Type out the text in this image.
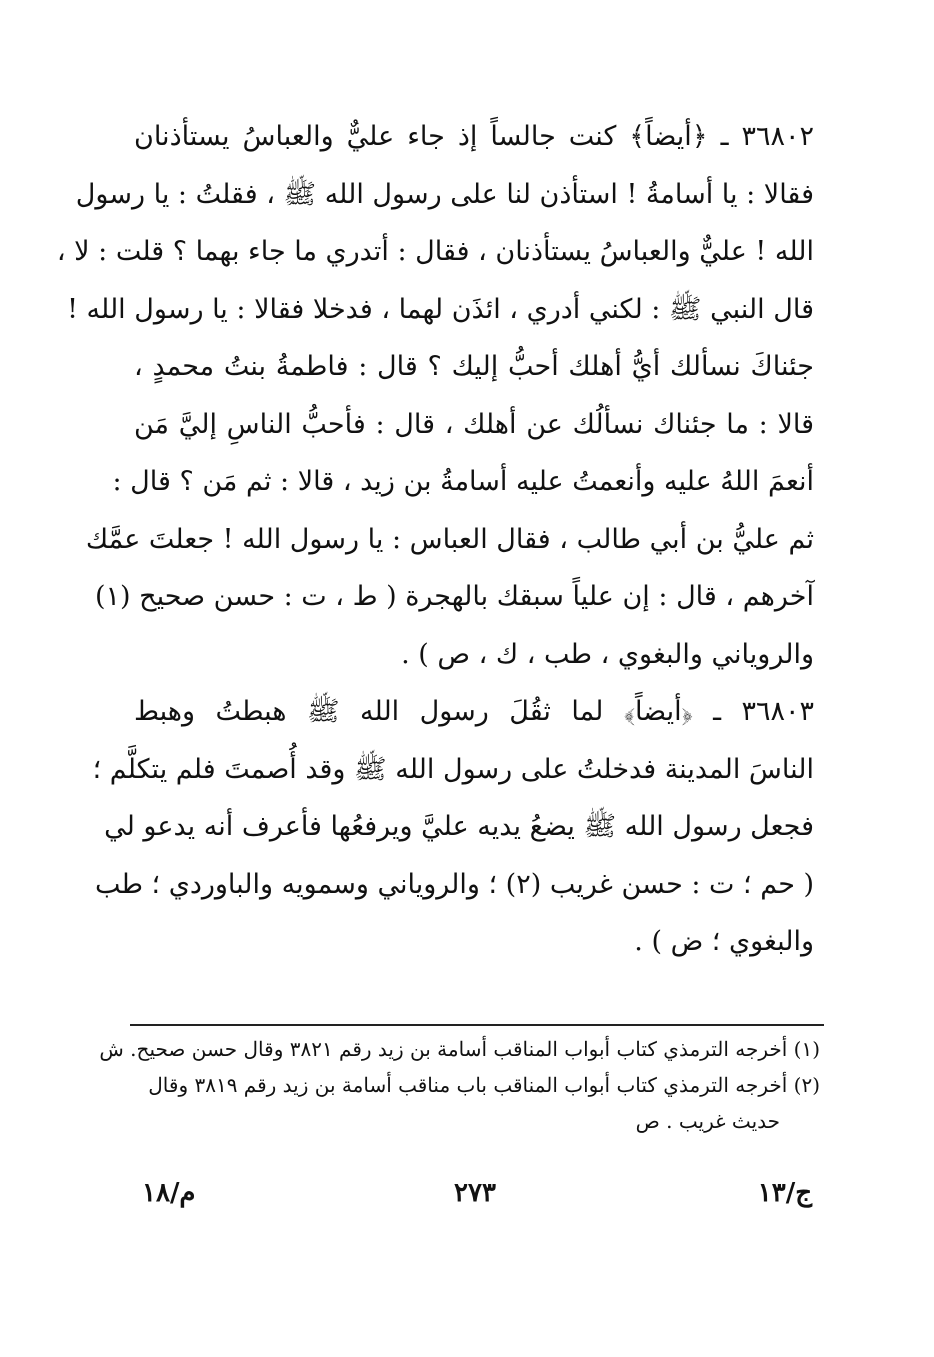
٣٦٨٠٢ ـ ﴿أيضاً﴾ كنت جالساً إذ جاء عليٌّ والعباسُ يستأذنان
فقالا : يا أسامةُ ! استأذن لنا على رسول الله ﷺ ، فقلتُ : يا رسول
الله ! عليٌّ والعباسُ يستأذنان ، فقال : أتدري ما جاء بهما ؟ قلت : لا ،
قال النبي ﷺ : لكني أدري ، ائذَن لهما ، فدخلا فقالا : يا رسول الله !
جئناكَ نسألك أيُّ أهلك أحبُّ إليك ؟ قال : فاطمةُ بنتُ محمدٍ ،
قالا : ما جئناك نسألُك عن أهلك ، قال : فأحبُّ الناسِ إليَّ مَن
أنعمَ اللهُ عليه وأنعمتُ عليه أسامةُ بن زيد ، قالا : ثم مَن ؟ قال :
ثم عليُّ بن أبي طالب ، فقال العباس : يا رسول الله ! جعلتَ عمَّك
آخرهم ، قال : إن علياً سبقك بالهجرة ( ط ، ت : حسن صحيح (١)
والروياني والبغوي ، طب ، ك ، ص ) .
٣٦٨٠٣ ـ ﴿أيضاً﴾ لما ثقُلَ رسول الله ﷺ هبطتُ وهبط
الناسَ المدينة فدخلتُ على رسول الله ﷺ وقد أُصمتَ فلم يتكلَّم ؛
فجعل رسول الله ﷺ يضعُ يديه عليَّ ويرفعُها فأعرف أنه يدعو لي
( حم ؛ ت : حسن غريب (٢) ؛ والروياني وسمويه والباوردي ؛ طب
والبغوي ؛ ض ) .
(١) أخرجه الترمذي كتاب أبواب المناقب أسامة بن زيد رقم ٣٨٢١ وقال حسن صحيح. ش
(٢) أخرجه الترمذي كتاب أبواب المناقب باب مناقب أسامة بن زيد رقم ٣٨١٩ وقال
حديث غريب . ص
م/١٨	٢٧٣	ج/١٣
